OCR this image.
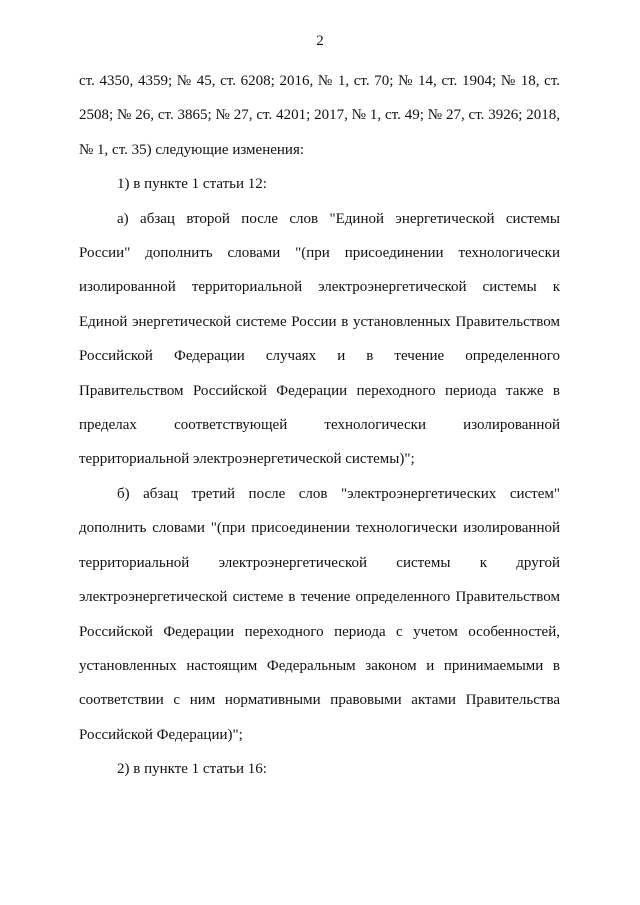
2

ст. 4350, 4359; № 45, ст. 6208; 2016, № 1, ст. 70; № 14, ст. 1904; № 18, ст. 2508; № 26, ст. 3865; № 27, ст. 4201; 2017, № 1, ст. 49; № 27, ст. 3926; 2018, № 1, ст. 35) следующие изменения:

1) в пункте 1 статьи 12:

а) абзац второй после слов "Единой энергетической системы России" дополнить словами "(при присоединении технологически изолированной территориальной электроэнергетической системы к Единой энергетической системе России в установленных Правительством Российской Федерации случаях и в течение определенного Правительством Российской Федерации переходного периода также в пределах соответствующей технологически изолированной территориальной электроэнергетической системы)";

б) абзац третий после слов "электроэнергетических систем" дополнить словами "(при присоединении технологически изолированной территориальной электроэнергетической системы к другой электроэнергетической системе в течение определенного Правительством Российской Федерации переходного периода с учетом особенностей, установленных настоящим Федеральным законом и принимаемыми в соответствии с ним нормативными правовыми актами Правительства Российской Федерации)";

2) в пункте 1 статьи 16:
